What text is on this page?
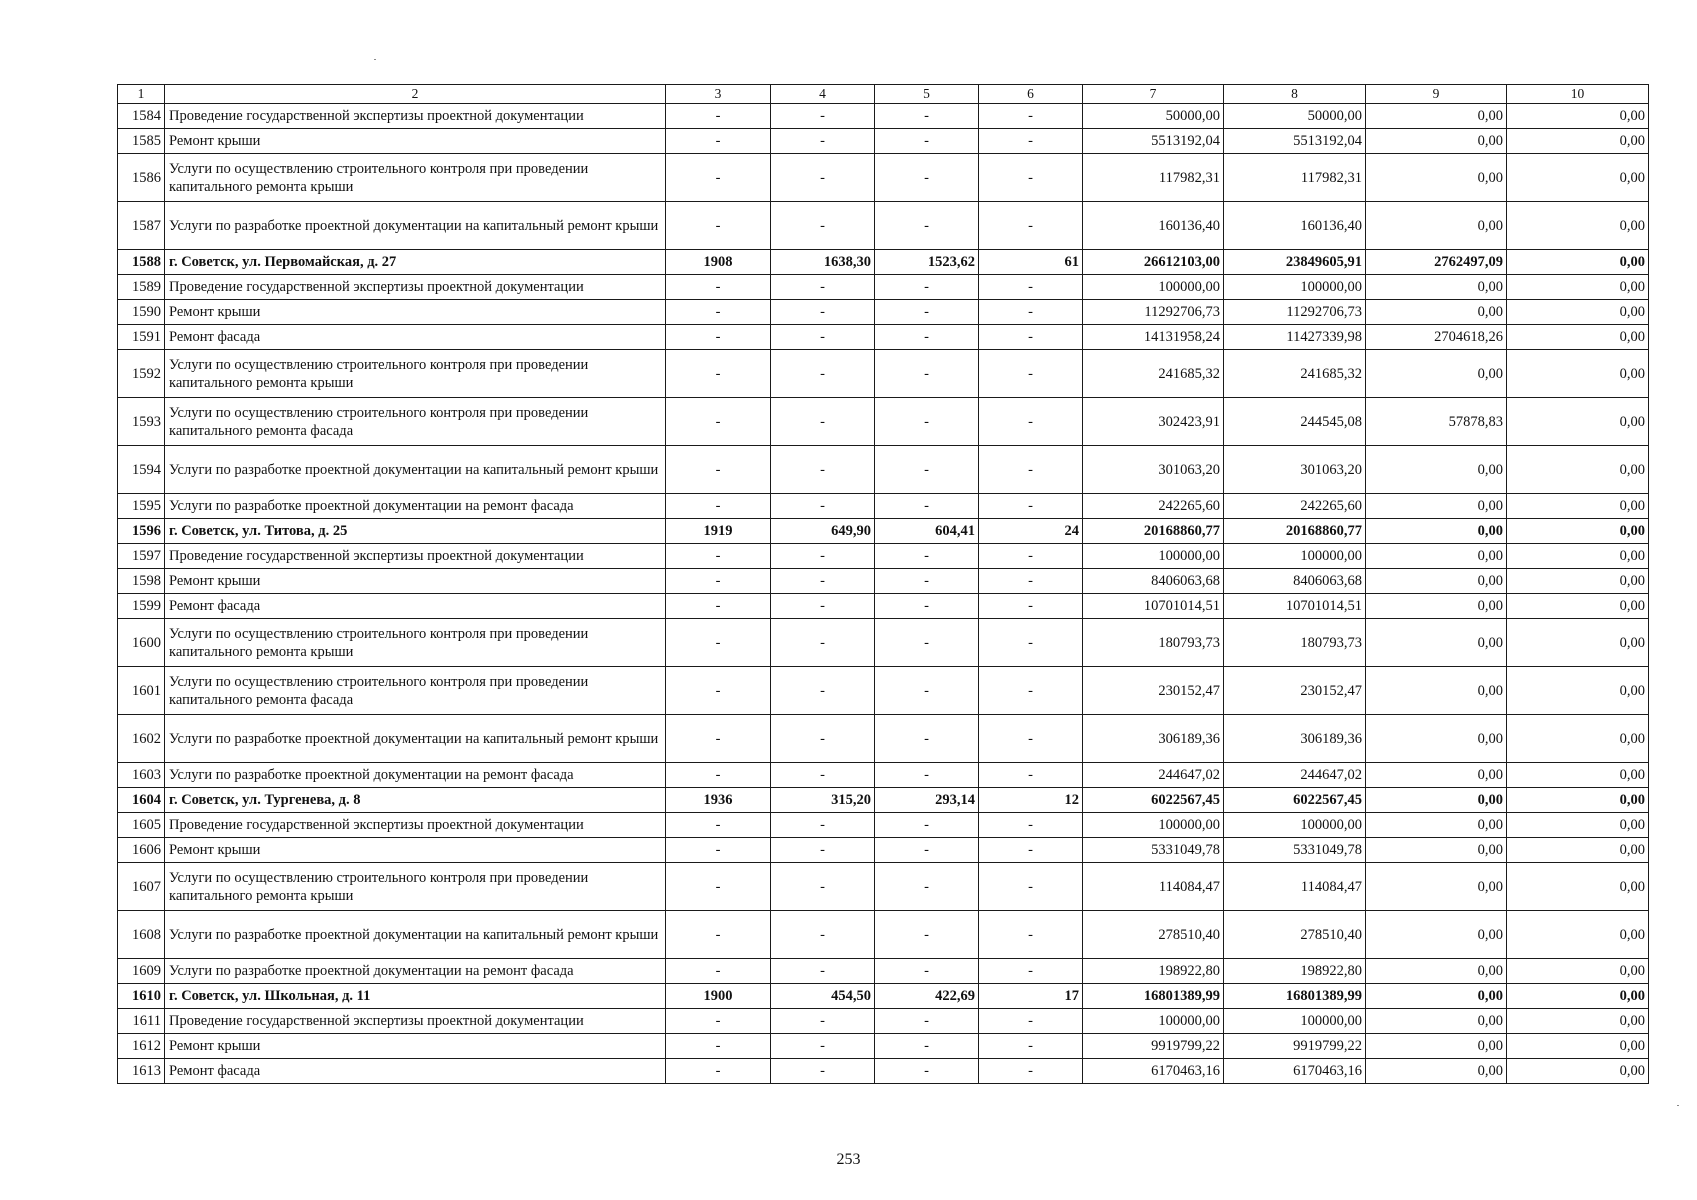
1	2	3	4	5	6	7	8	9	10
1584	Проведение государственной экспертизы проектной документации	-	-	-	-	50000,00	50000,00	0,00	0,00
1585	Ремонт крыши	-	-	-	-	5513192,04	5513192,04	0,00	0,00
1586	Услуги по осуществлению строительного контроля при проведении капитального ремонта крыши	-	-	-	-	117982,31	117982,31	0,00	0,00
1587	Услуги по разработке проектной документации на капитальный ремонт крыши	-	-	-	-	160136,40	160136,40	0,00	0,00
1588	г. Советск, ул. Первомайская, д. 27	1908	1638,30	1523,62	61	26612103,00	23849605,91	2762497,09	0,00
1589	Проведение государственной экспертизы проектной документации	-	-	-	-	100000,00	100000,00	0,00	0,00
1590	Ремонт крыши	-	-	-	-	11292706,73	11292706,73	0,00	0,00
1591	Ремонт фасада	-	-	-	-	14131958,24	11427339,98	2704618,26	0,00
1592	Услуги по осуществлению строительного контроля при проведении капитального ремонта крыши	-	-	-	-	241685,32	241685,32	0,00	0,00
1593	Услуги по осуществлению строительного контроля при проведении капитального ремонта фасада	-	-	-	-	302423,91	244545,08	57878,83	0,00
1594	Услуги по разработке проектной документации на капитальный ремонт крыши	-	-	-	-	301063,20	301063,20	0,00	0,00
1595	Услуги по разработке проектной документации на ремонт фасада	-	-	-	-	242265,60	242265,60	0,00	0,00
1596	г. Советск, ул. Титова, д. 25	1919	649,90	604,41	24	20168860,77	20168860,77	0,00	0,00
1597	Проведение государственной экспертизы проектной документации	-	-	-	-	100000,00	100000,00	0,00	0,00
1598	Ремонт крыши	-	-	-	-	8406063,68	8406063,68	0,00	0,00
1599	Ремонт фасада	-	-	-	-	10701014,51	10701014,51	0,00	0,00
1600	Услуги по осуществлению строительного контроля при проведении капитального ремонта крыши	-	-	-	-	180793,73	180793,73	0,00	0,00
1601	Услуги по осуществлению строительного контроля при проведении капитального ремонта фасада	-	-	-	-	230152,47	230152,47	0,00	0,00
1602	Услуги по разработке проектной документации на капитальный ремонт крыши	-	-	-	-	306189,36	306189,36	0,00	0,00
1603	Услуги по разработке проектной документации на ремонт фасада	-	-	-	-	244647,02	244647,02	0,00	0,00
1604	г. Советск, ул. Тургенева, д. 8	1936	315,20	293,14	12	6022567,45	6022567,45	0,00	0,00
1605	Проведение государственной экспертизы проектной документации	-	-	-	-	100000,00	100000,00	0,00	0,00
1606	Ремонт крыши	-	-	-	-	5331049,78	5331049,78	0,00	0,00
1607	Услуги по осуществлению строительного контроля при проведении капитального ремонта крыши	-	-	-	-	114084,47	114084,47	0,00	0,00
1608	Услуги по разработке проектной документации на капитальный ремонт крыши	-	-	-	-	278510,40	278510,40	0,00	0,00
1609	Услуги по разработке проектной документации на ремонт фасада	-	-	-	-	198922,80	198922,80	0,00	0,00
1610	г. Советск, ул. Школьная, д. 11	1900	454,50	422,69	17	16801389,99	16801389,99	0,00	0,00
1611	Проведение государственной экспертизы проектной документации	-	-	-	-	100000,00	100000,00	0,00	0,00
1612	Ремонт крыши	-	-	-	-	9919799,22	9919799,22	0,00	0,00
1613	Ремонт фасада	-	-	-	-	6170463,16	6170463,16	0,00	0,00
253
